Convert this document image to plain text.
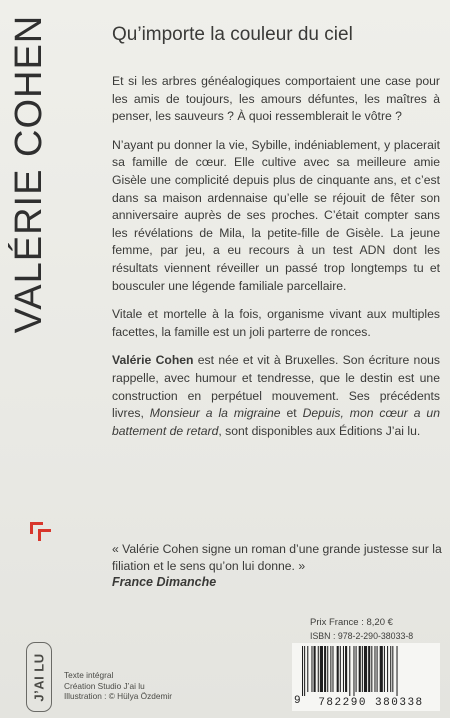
VALÉRIE COHEN	Qu’importe la couleur du ciel

Et si les arbres généalogiques comportaient une case pour les amis de toujours, les amours défuntes, les maîtres à penser, les sauveurs ? À quoi ressemblerait le vôtre ?

N’ayant pu donner la vie, Sybille, indéniablement, y placerait sa famille de cœur. Elle cultive avec sa meilleure amie Gisèle une complicité depuis plus de cinquante ans, et c’est dans sa maison ardennaise qu’elle se réjouit de fêter son anniversaire auprès de ses proches. C’était compter sans les révélations de Mila, la petite-fille de Gisèle. La jeune femme, par jeu, a eu recours à un test ADN dont les résultats viennent réveiller un passé trop longtemps tu et bousculer une légende familiale parcellaire.

Vitale et mortelle à la fois, organisme vivant aux multiples facettes, la famille est un joli parterre de ronces.

Valérie Cohen est née et vit à Bruxelles. Son écriture nous rappelle, avec humour et tendresse, que le destin est une construction en perpétuel mouvement. Ses précédents livres, Monsieur a la migraine et Depuis, mon cœur a un battement de retard, sont disponibles aux Éditions J’ai lu.

« Valérie Cohen signe un roman d’une grande justesse sur la filiation et le sens qu’on lui donne. »
France Dimanche
J’AI LU Texte intégral
Création Studio J’ai lu
Illustration : © Hülya Özdemir
Prix France : 8,20 €
ISBN : 978-2-290-38033-8
9	782290 380338
